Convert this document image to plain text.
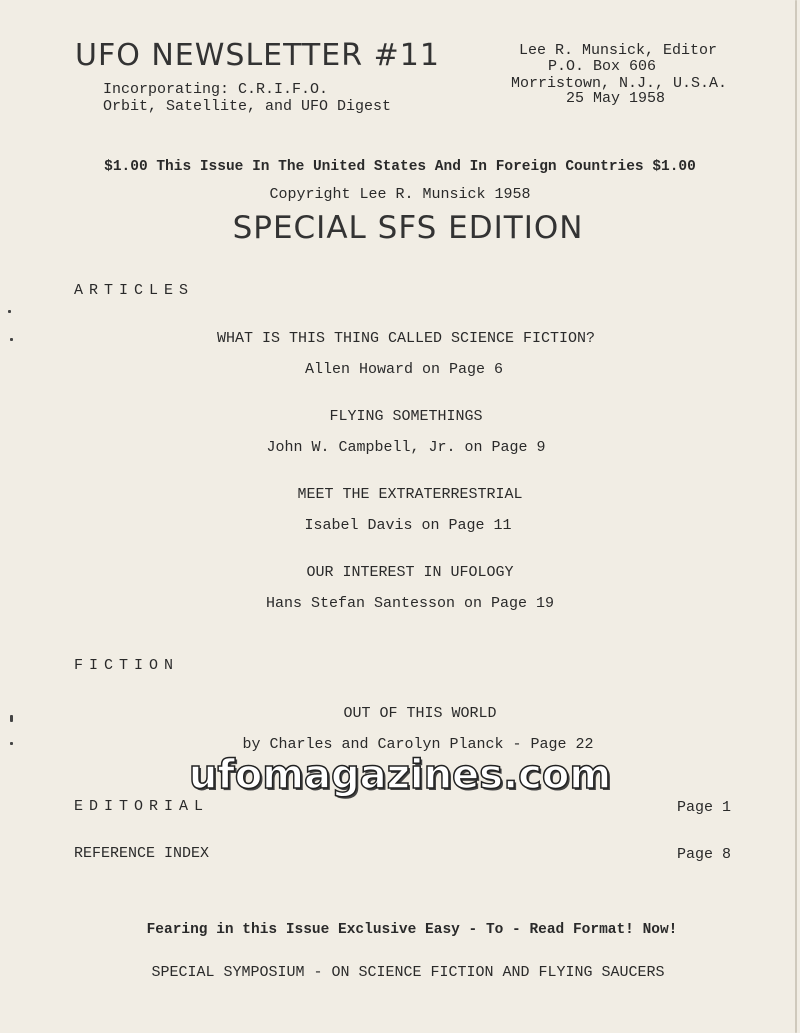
UFO NEWSLETTER #11
Incorporating: C.R.I.F.O.
Orbit, Satellite, and UFO Digest
Lee R. Munsick, Editor
P.O. Box 606
Morristown, N.J., U.S.A.
25 May 1958
$1.00 This Issue In The United States And In Foreign Countries $1.00
Copyright Lee R. Munsick 1958
SPECIAL SFS EDITION
ARTICLES
WHAT IS THIS THING CALLED SCIENCE FICTION?
Allen Howard on Page 6
FLYING SOMETHINGS
John W. Campbell, Jr. on Page 9
MEET THE EXTRATERRESTRIAL
Isabel Davis on Page 11
OUR INTEREST IN UFOLOGY
Hans Stefan Santesson on Page 19
FICTION
OUT OF THIS WORLD
by Charles and Carolyn Planck - Page 22
ufomagazines.com
EDITORIAL	Page 1
REFERENCE INDEX	Page 8
Fearing in this Issue Exclusive Easy - To - Read Format! Now!
SPECIAL SYMPOSIUM - ON SCIENCE FICTION AND FLYING SAUCERS
